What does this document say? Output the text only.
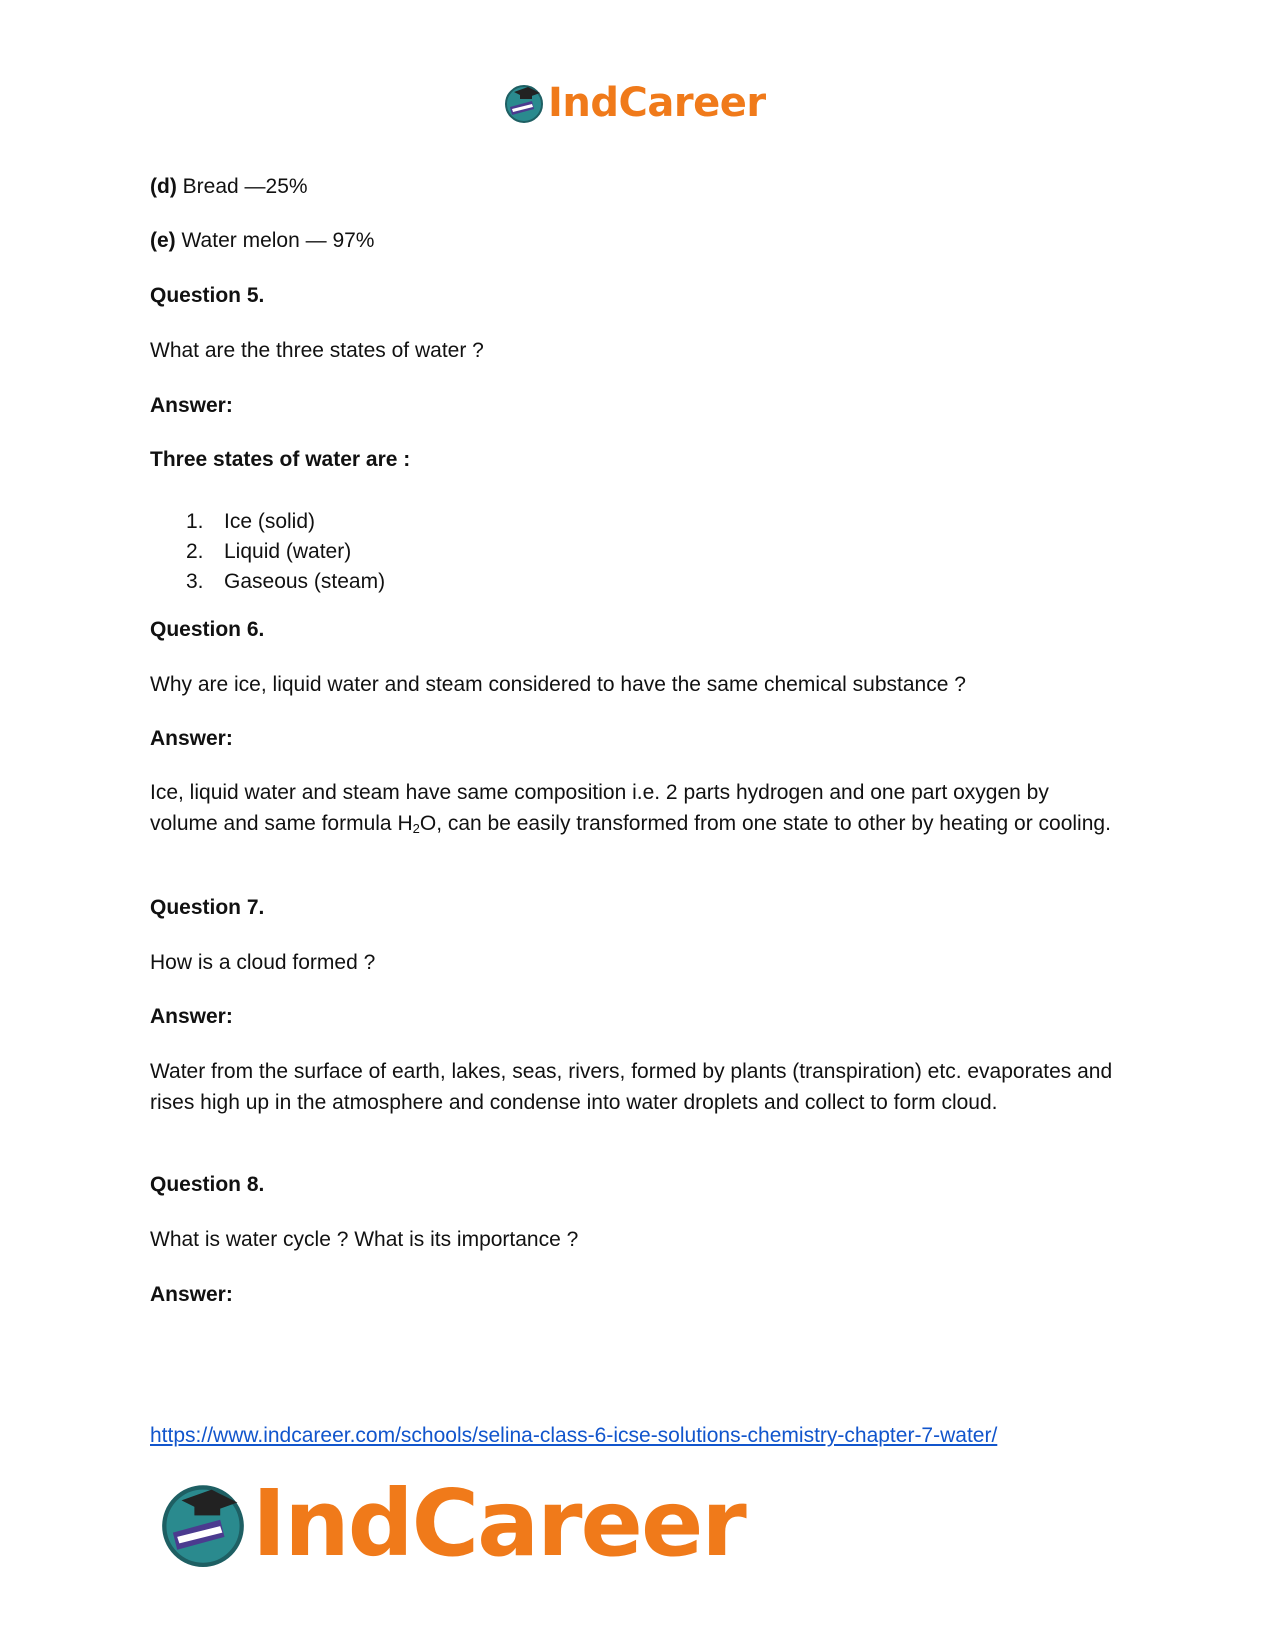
IndCareer

(d) Bread —25%

(e) Water melon — 97%

Question 5.

What are the three states of water ?

Answer:

Three states of water are :

1. Ice (solid)
2. Liquid (water)
3. Gaseous (steam)

Question 6.

Why are ice, liquid water and steam considered to have the same chemical substance ?

Answer:

Ice, liquid water and steam have same composition i.e. 2 parts hydrogen and one part oxygen by volume and same formula $H_2O$, can be easily transformed from one state to other by heating or cooling.

Question 7.

How is a cloud formed ?

Answer:

Water from the surface of earth, lakes, seas, rivers, formed by plants (transpiration) etc. evaporates and rises high up in the atmosphere and condense into water droplets and collect to form cloud.

Question 8.

What is water cycle ? What is its importance ?

Answer:

https://www.indcareer.com/schools/selina-class-6-icse-solutions-chemistry-chapter-7-water/
IndCareer
